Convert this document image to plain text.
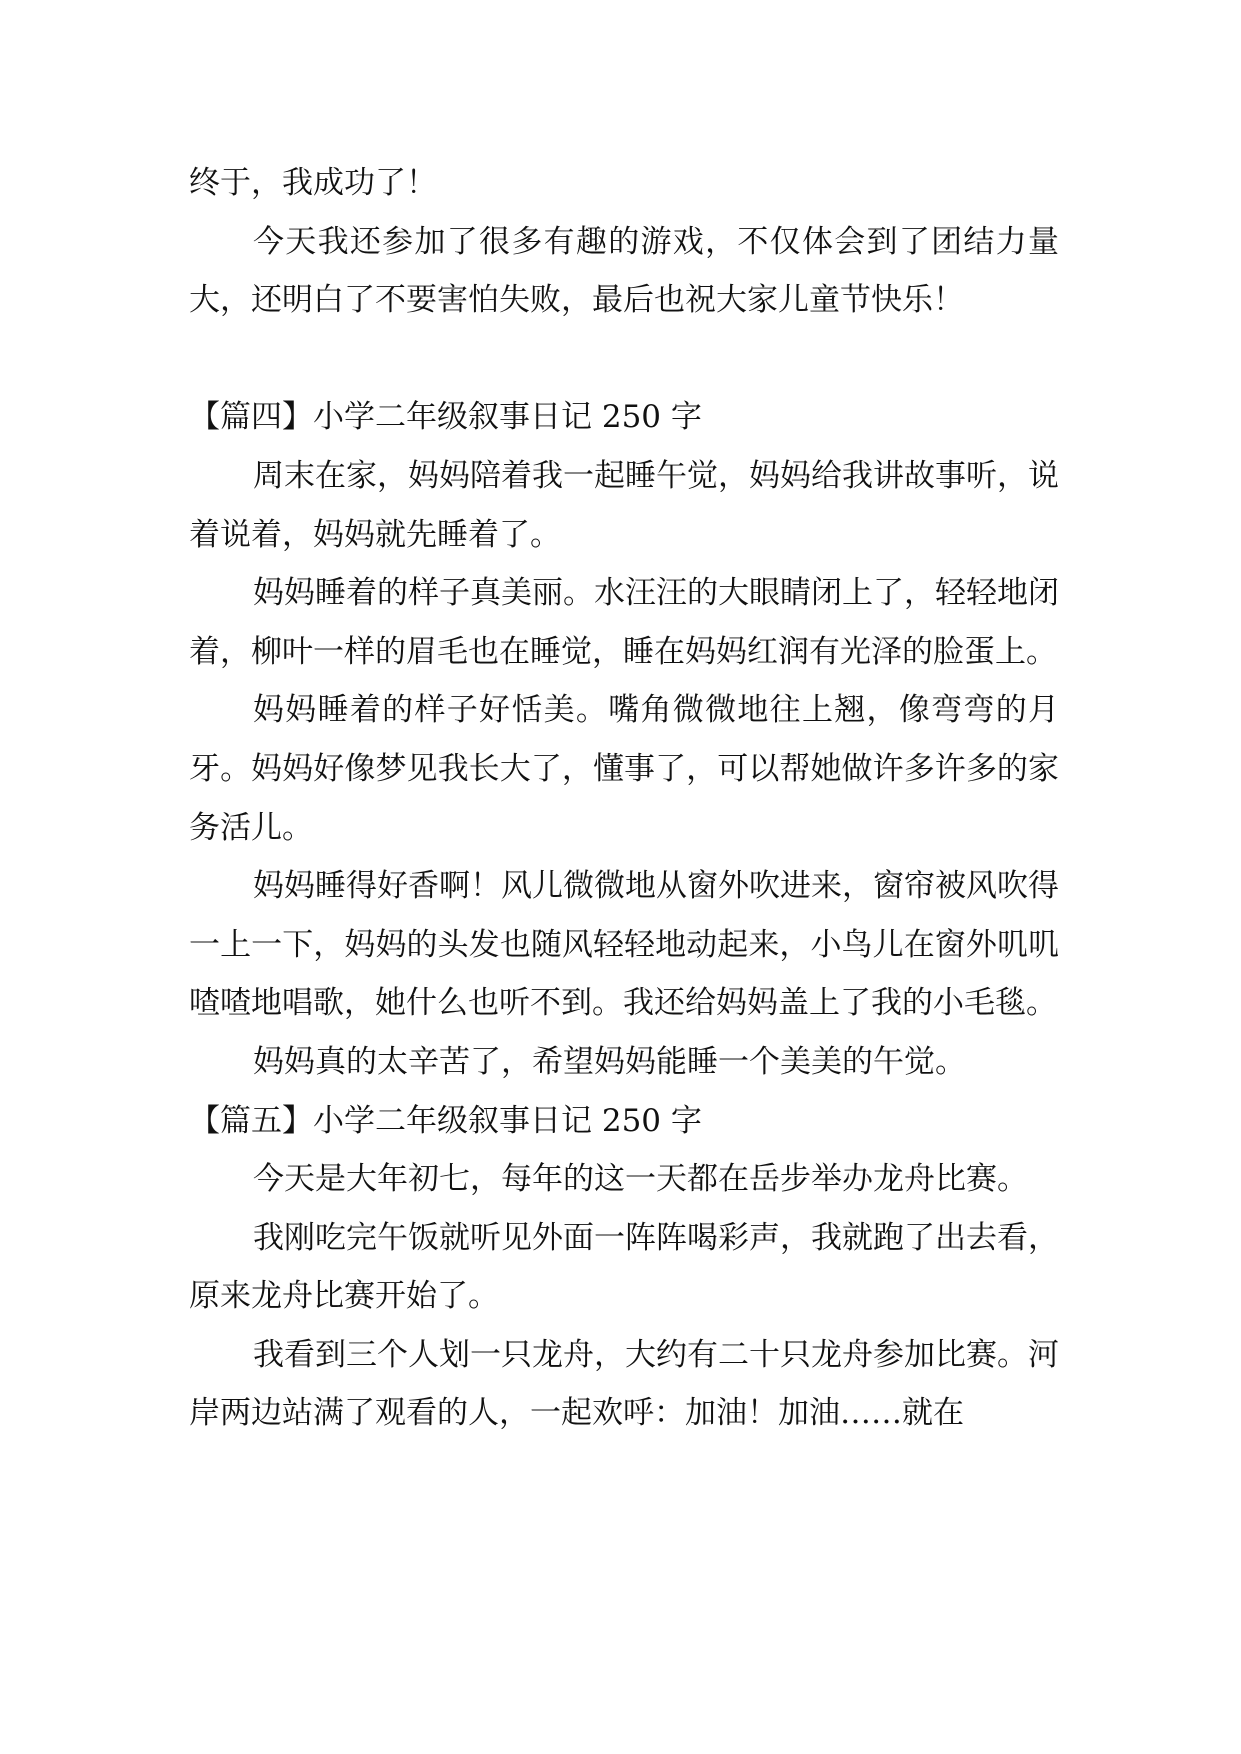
终于，我成功了！

今天我还参加了很多有趣的游戏，不仅体会到了团结力量大，还明白了不要害怕失败，最后也祝大家儿童节快乐！

【篇四】小学二年级叙事日记 250 字

周末在家，妈妈陪着我一起睡午觉，妈妈给我讲故事听，说着说着，妈妈就先睡着了。

妈妈睡着的样子真美丽。水汪汪的大眼睛闭上了，轻轻地闭着，柳叶一样的眉毛也在睡觉，睡在妈妈红润有光泽的脸蛋上。

妈妈睡着的样子好恬美。嘴角微微地往上翘，像弯弯的月牙。妈妈好像梦见我长大了，懂事了，可以帮她做许多许多的家务活儿。

妈妈睡得好香啊！风儿微微地从窗外吹进来，窗帘被风吹得一上一下，妈妈的头发也随风轻轻地动起来，小鸟儿在窗外叽叽喳喳地唱歌，她什么也听不到。我还给妈妈盖上了我的小毛毯。

妈妈真的太辛苦了，希望妈妈能睡一个美美的午觉。

【篇五】小学二年级叙事日记 250 字

今天是大年初七，每年的这一天都在岳步举办龙舟比赛。

我刚吃完午饭就听见外面一阵阵喝彩声，我就跑了出去看，原来龙舟比赛开始了。

我看到三个人划一只龙舟，大约有二十只龙舟参加比赛。河岸两边站满了观看的人，一起欢呼：加油！加油……就在
